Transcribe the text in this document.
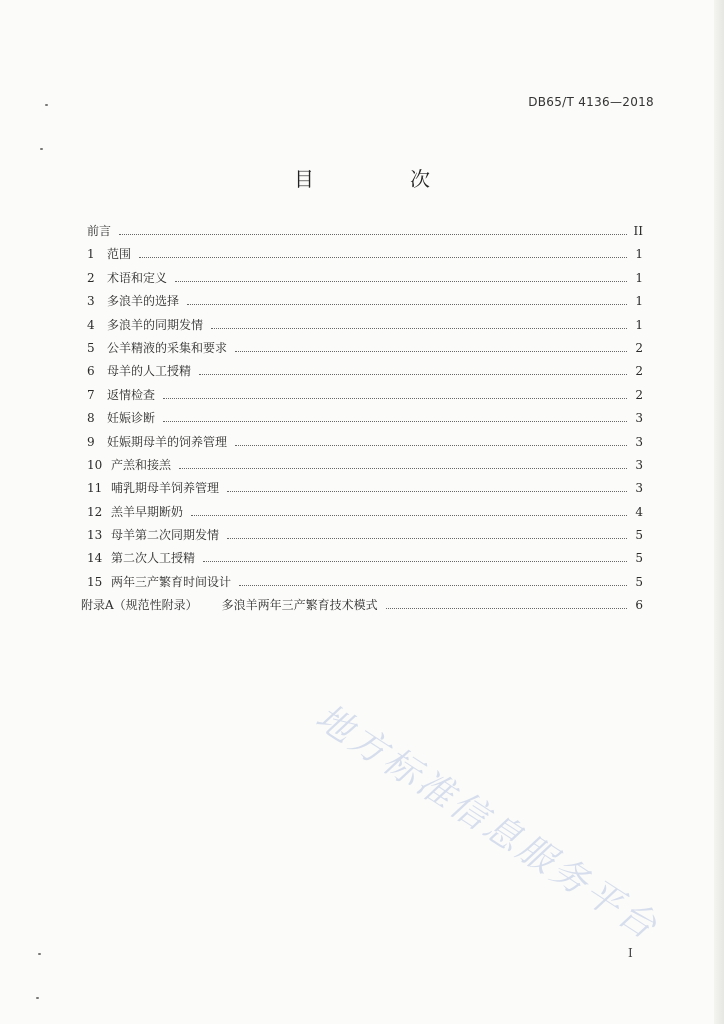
DB65/T 4136—2018
目　次
前言	II
1	范围	1
2	术语和定义	1
3	多浪羊的选择	1
4	多浪羊的同期发情	1
5	公羊精液的采集和要求	2
6	母羊的人工授精	2
7	返情检查	2
8	妊娠诊断	3
9	妊娠期母羊的饲养管理	3
10 产羔和接羔	3
11 哺乳期母羊饲养管理	3
12 羔羊早期断奶	4
13 母羊第二次同期发情	5
14 第二次人工授精	5
15 两年三产繁育时间设计	5
附录A（规范性附录） 多浪羊两年三产繁育技术模式	6
地方标准信息服务平台
I
